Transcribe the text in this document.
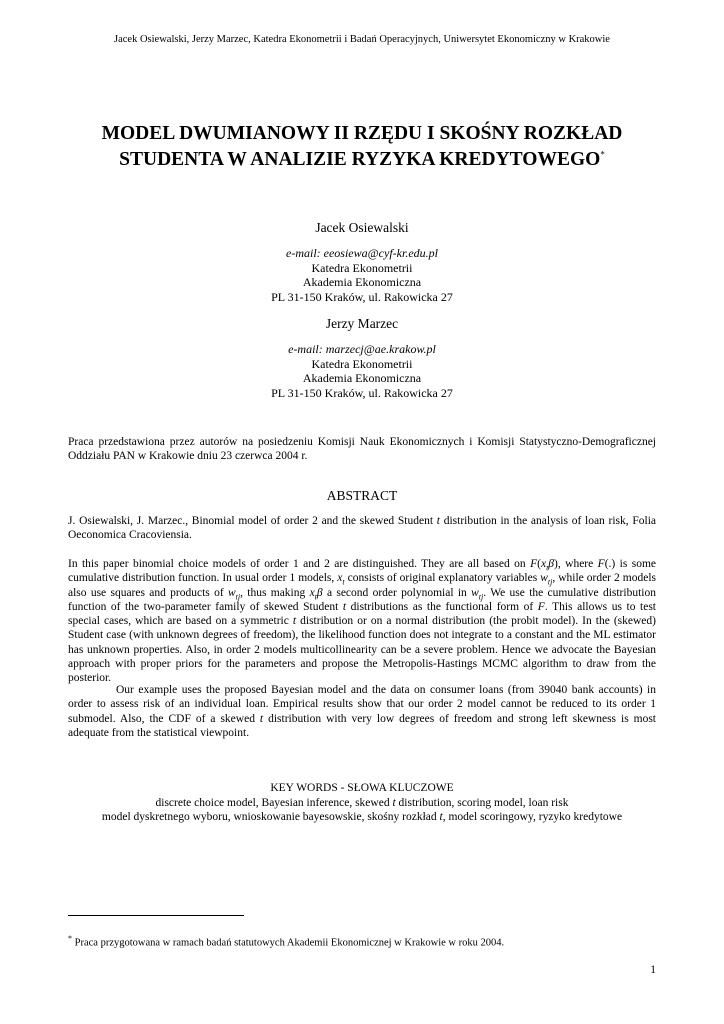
Jacek Osiewalski, Jerzy Marzec, Katedra Ekonometrii i Badań Operacyjnych, Uniwersytet Ekonomiczny w Krakowie
MODEL DWUMIANOWY II RZĘDU I SKOŚNY ROZKŁAD STUDENTA W ANALIZIE RYZYKA KREDYTOWEGO*
Jacek Osiewalski
e-mail: eeosiewa@cyf-kr.edu.pl
Katedra Ekonometrii
Akademia Ekonomiczna
PL 31-150 Kraków, ul. Rakowicka 27
Jerzy Marzec
e-mail: marzecj@ae.krakow.pl
Katedra Ekonometrii
Akademia Ekonomiczna
PL 31-150 Kraków, ul. Rakowicka 27

Praca przedstawiona przez autorów na posiedzeniu Komisji Nauk Ekonomicznych i Komisji Statystyczno-Demograficznej Oddziału PAN w Krakowie dniu 23 czerwca 2004 r.

ABSTRACT

J. Osiewalski, J. Marzec., Binomial model of order 2 and the skewed Student t distribution in the analysis of loan risk, Folia Oeconomica Cracoviensia.

In this paper binomial choice models of order 1 and 2 are distinguished. They are all based on $F(x_t\beta)$, where F(.) is some cumulative distribution function. In usual order 1 models, $x_t$ consists of original explanatory variables $w_{tj}$, while order 2 models also use squares and products of $w_{tj}$, thus making $x_t\beta$ a second order polynomial in $w_{tj}$. We use the cumulative distribution function of the two-parameter family of skewed Student t distributions as the functional form of F. This allows us to test special cases, which are based on a symmetric t distribution or on a normal distribution (the probit model). In the (skewed) Student case (with unknown degrees of freedom), the likelihood function does not integrate to a constant and the ML estimator has unknown properties. Also, in order 2 models multicollinearity can be a severe problem. Hence we advocate the Bayesian approach with proper priors for the parameters and propose the Metropolis-Hastings MCMC algorithm to draw from the posterior.

Our example uses the proposed Bayesian model and the data on consumer loans (from 39040 bank accounts) in order to assess risk of an individual loan. Empirical results show that our order 2 model cannot be reduced to its order 1 submodel. Also, the CDF of a skewed t distribution with very low degrees of freedom and strong left skewness is most adequate from the statistical viewpoint.

KEY WORDS - SŁOWA KLUCZOWE
discrete choice model, Bayesian inference, skewed t distribution, scoring model, loan risk
model dyskretnego wyboru, wnioskowanie bayesowskie, skośny rozkład t, model scoringowy, ryzyko kredytowe
* Praca przygotowana w ramach badań statutowych Akademii Ekonomicznej w Krakowie w roku 2004.
1
